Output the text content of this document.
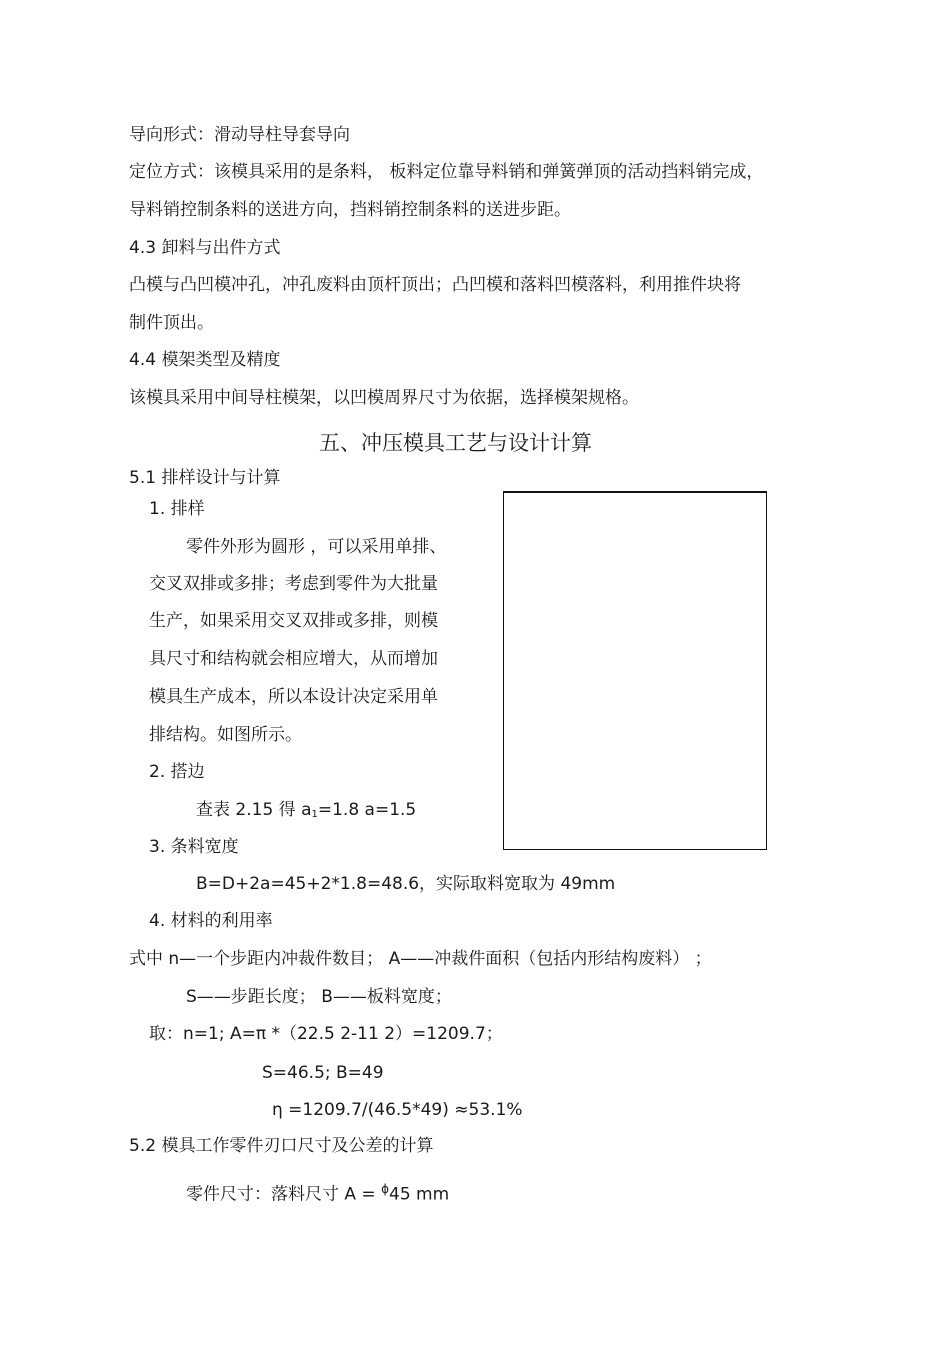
导向形式：滑动导柱导套导向
定位方式：该模具采用的是条料， 板料定位靠导料销和弹簧弹顶的活动挡料销完成，
导料销控制条料的送进方向，挡料销控制条料的送进步距。
4.3 卸料与出件方式
凸模与凸凹模冲孔，冲孔废料由顶杆顶出；凸凹模和落料凹模落料，利用推件块将
制件顶出。
4.4 模架类型及精度
该模具采用中间导柱模架，以凹模周界尺寸为依据，选择模架规格。
五、冲压模具工艺与设计计算
5.1 排样设计与计算
1. 排样
零件外形为圆形 ，可以采用单排、
交叉双排或多排；考虑到零件为大批量
生产，如果采用交叉双排或多排，则模
具尺寸和结构就会相应增大，从而增加
模具生产成本，所以本设计决定采用单
排结构。如图所示。
2. 搭边
查表 2.15 得 $a_1=1.8$ a=1.5
3. 条料宽度
B=D+2a=45+2*1.8=48.6，实际取料宽取为 49mm
4. 材料的利用率
式中 n—一个步距内冲裁件数目； A——冲裁件面积（包括内形结构废料） ；
S——步距长度； B——板料宽度；
取：n=1; A=π *（22.5 2-11 2）=1209.7；
S=46.5; B=49
η =1209.7/(46.5*49) ≈53.1%
5.2 模具工作零件刃口尺寸及公差的计算
零件尺寸：落料尺寸 A = $^\phi$45 mm
